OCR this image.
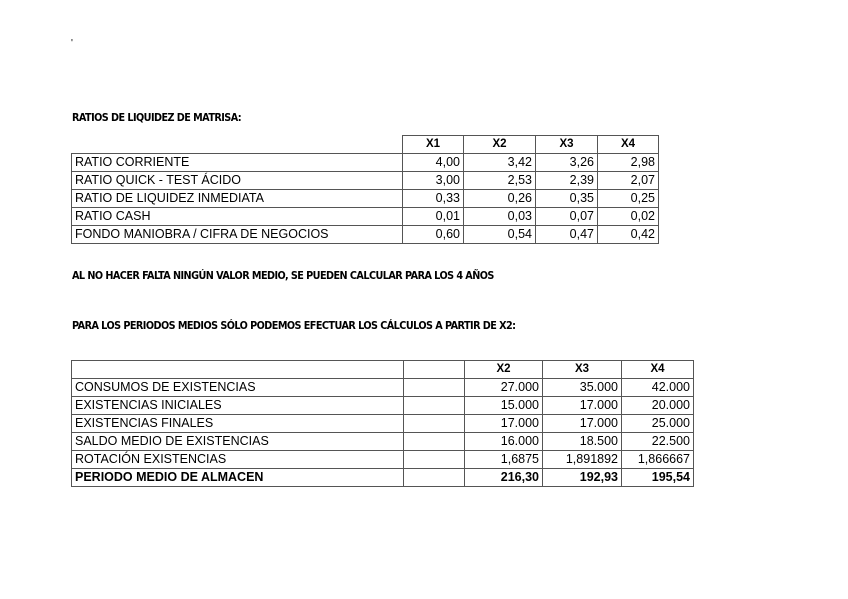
'
RATIOS DE LIQUIDEZ DE MATRISA:
	X1	X2	X3	X4
RATIO CORRIENTE	4,00	3,42	3,26	2,98
RATIO QUICK - TEST ÁCIDO	3,00	2,53	2,39	2,07
RATIO DE LIQUIDEZ INMEDIATA	0,33	0,26	0,35	0,25
RATIO CASH	0,01	0,03	0,07	0,02
FONDO MANIOBRA / CIFRA DE NEGOCIOS	0,60	0,54	0,47	0,42
AL NO HACER FALTA NINGÚN VALOR MEDIO, SE PUEDEN CALCULAR PARA LOS 4 AÑOS
PARA LOS PERIODOS MEDIOS SÓLO PODEMOS EFECTUAR LOS CÁLCULOS A PARTIR DE X2:
		X2	X3	X4
CONSUMOS DE EXISTENCIAS		27.000	35.000	42.000
EXISTENCIAS INICIALES		15.000	17.000	20.000
EXISTENCIAS FINALES		17.000	17.000	25.000
SALDO MEDIO DE EXISTENCIAS		16.000	18.500	22.500
ROTACIÓN EXISTENCIAS		1,6875	1,891892	1,866667
PERIODO MEDIO DE ALMACEN		216,30	192,93	195,54
